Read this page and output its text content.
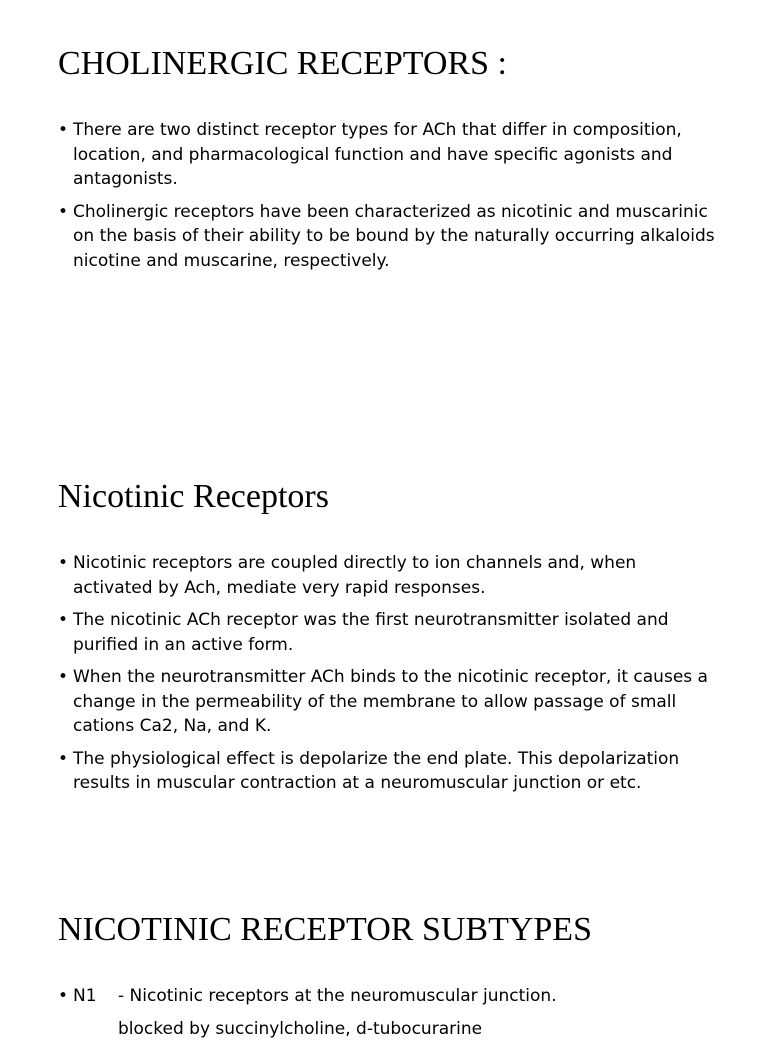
CHOLINERGIC RECEPTORS :
• There are two distinct receptor types for ACh that differ in composition, location, and pharmacological function and have specific agonists and antagonists.
• Cholinergic receptors have been characterized as nicotinic and muscarinic on the basis of their ability to be bound by the naturally occurring alkaloids nicotine and muscarine, respectively.
Nicotinic Receptors
• Nicotinic receptors are coupled directly to ion channels and, when activated by Ach, mediate very rapid responses.
• The nicotinic ACh receptor was the first neurotransmitter isolated and purified in an active form.
• When the neurotransmitter ACh binds to the nicotinic receptor, it causes a change in the permeability of the membrane to allow passage of small cations Ca2, Na, and K.
• The physiological effect is depolarize the end plate. This depolarization results in muscular contraction at a neuromuscular junction or etc.
NICOTINIC RECEPTOR SUBTYPES
• N1 - Nicotinic receptors at the neuromuscular junction.
blocked by succinylcholine, d-tubocurarine
